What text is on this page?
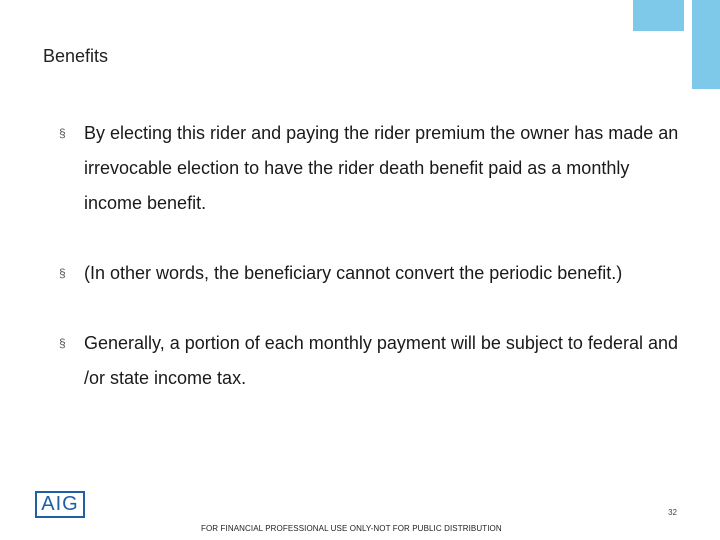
Benefits
§ By electing this rider and paying the rider premium the owner has made an irrevocable election to have the rider death benefit paid as a monthly income benefit.
§ (In other words, the beneficiary cannot convert the periodic benefit.)
§ Generally, a portion of each monthly payment will be subject to federal and /or state income tax.
AIG	32
FOR FINANCIAL PROFESSIONAL USE ONLY-NOT FOR PUBLIC DISTRIBUTION
